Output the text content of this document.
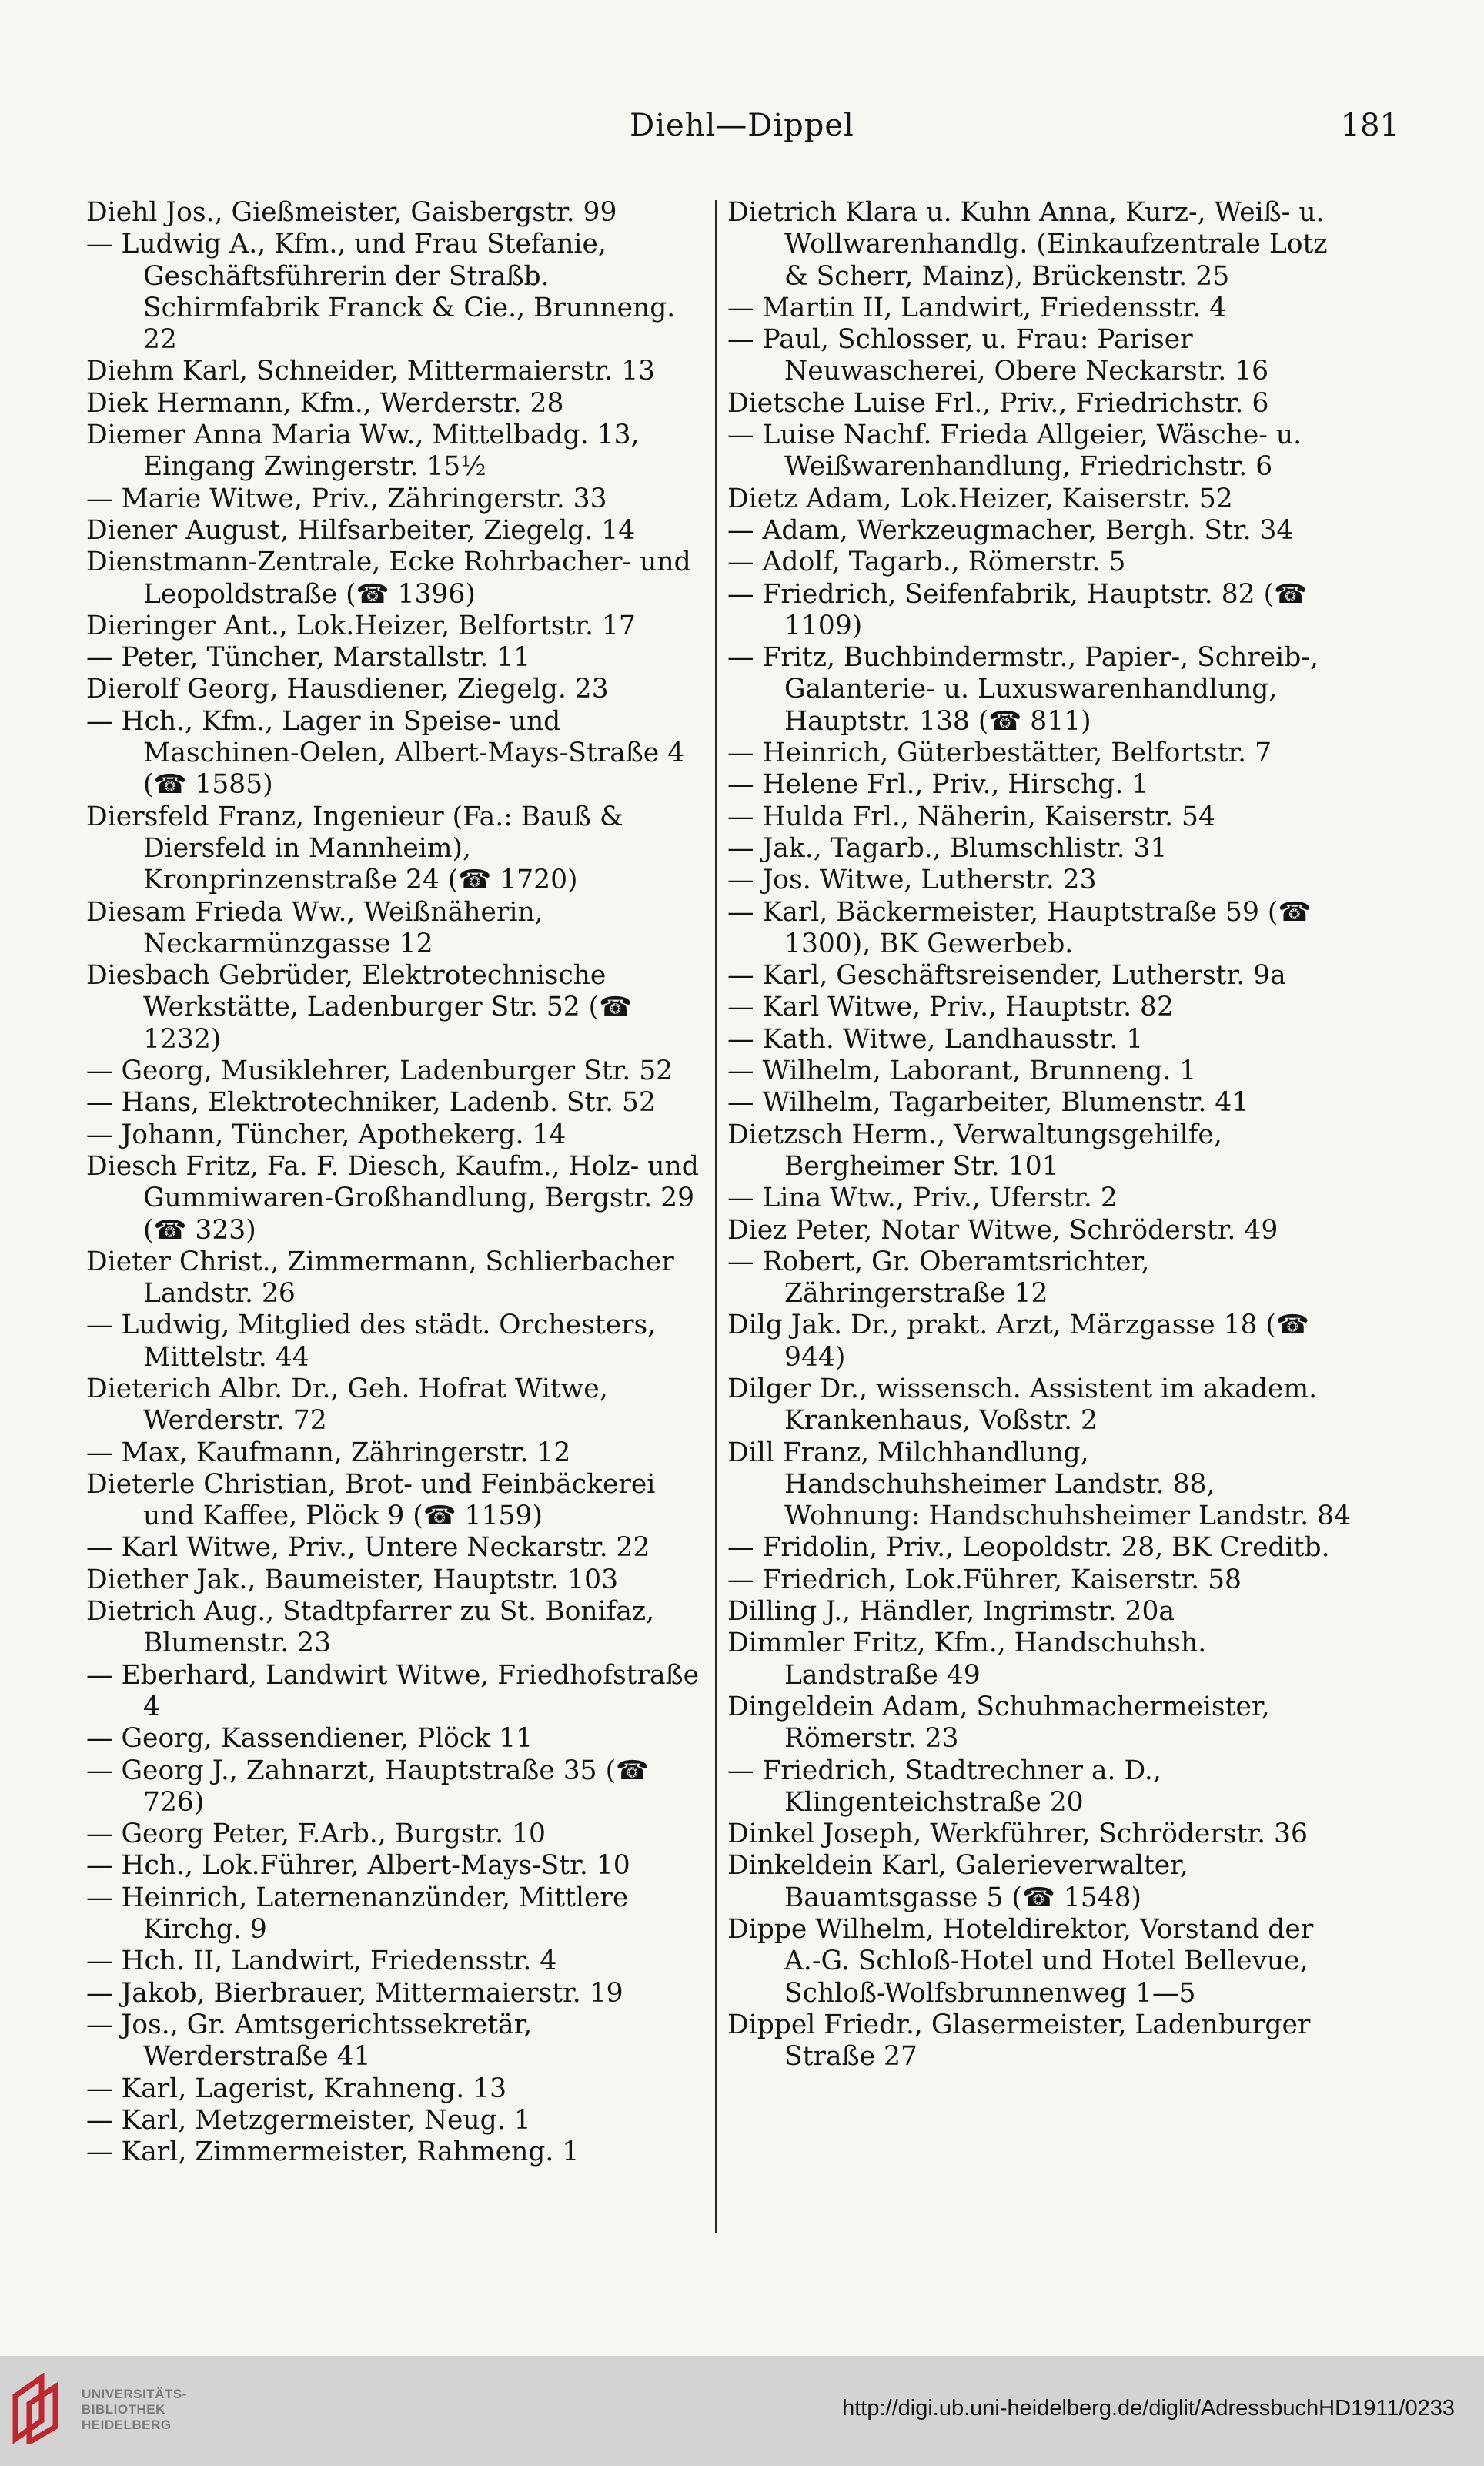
Diehl—Dippel	181

Diehl Jos., Gießmeister, Gaisbergstr. 99

— Ludwig A., Kfm., und Frau Stefanie, Geschäftsführerin der Straßb. Schirmfabrik Franck & Cie., Brunneng. 22

Diehm Karl, Schneider, Mittermaierstr. 13

Diek Hermann, Kfm., Werderstr. 28

Diemer Anna Maria Ww., Mittelbadg. 13, Eingang Zwingerstr. 15½

— Marie Witwe, Priv., Zähringerstr. 33

Diener August, Hilfsarbeiter, Ziegelg. 14

Dienstmann-Zentrale, Ecke Rohrbacher- und Leopoldstraße (☎ 1396)

Dieringer Ant., Lok.Heizer, Belfortstr. 17

— Peter, Tüncher, Marstallstr. 11

Dierolf Georg, Hausdiener, Ziegelg. 23

— Hch., Kfm., Lager in Speise- und Maschinen-Oelen, Albert-Mays-Straße 4 (☎ 1585)

Diersfeld Franz, Ingenieur (Fa.: Bauß & Diersfeld in Mannheim), Kronprinzenstraße 24 (☎ 1720)

Diesam Frieda Ww., Weißnäherin, Neckarmünzgasse 12

Diesbach Gebrüder, Elektrotechnische Werkstätte, Ladenburger Str. 52 (☎ 1232)

— Georg, Musiklehrer, Ladenburger Str. 52

— Hans, Elektrotechniker, Ladenb. Str. 52

— Johann, Tüncher, Apothekerg. 14

Diesch Fritz, Fa. F. Diesch, Kaufm., Holz- und Gummiwaren-Großhandlung, Bergstr. 29 (☎ 323)

Dieter Christ., Zimmermann, Schlierbacher Landstr. 26

— Ludwig, Mitglied des städt. Orchesters, Mittelstr. 44

Dieterich Albr. Dr., Geh. Hofrat Witwe, Werderstr. 72

— Max, Kaufmann, Zähringerstr. 12

Dieterle Christian, Brot- und Feinbäckerei und Kaffee, Plöck 9 (☎ 1159)

— Karl Witwe, Priv., Untere Neckarstr. 22

Diether Jak., Baumeister, Hauptstr. 103

Dietrich Aug., Stadtpfarrer zu St. Bonifaz, Blumenstr. 23

— Eberhard, Landwirt Witwe, Friedhofstraße 4

— Georg, Kassendiener, Plöck 11

— Georg J., Zahnarzt, Hauptstraße 35 (☎ 726)

— Georg Peter, F.Arb., Burgstr. 10

— Hch., Lok.Führer, Albert-Mays-Str. 10

— Heinrich, Laternenanzünder, Mittlere Kirchg. 9

— Hch. II, Landwirt, Friedensstr. 4

— Jakob, Bierbrauer, Mittermaierstr. 19

— Jos., Gr. Amtsgerichtssekretär, Werderstraße 41

— Karl, Lagerist, Krahneng. 13

— Karl, Metzgermeister, Neug. 1

— Karl, Zimmermeister, Rahmeng. 1

Dietrich Klara u. Kuhn Anna, Kurz-, Weiß- u. Wollwarenhandlg. (Einkaufzentrale Lotz & Scherr, Mainz), Brückenstr. 25

— Martin II, Landwirt, Friedensstr. 4

— Paul, Schlosser, u. Frau: Pariser Neuwascherei, Obere Neckarstr. 16

Dietsche Luise Frl., Priv., Friedrichstr. 6

— Luise Nachf. Frieda Allgeier, Wäsche- u. Weißwarenhandlung, Friedrichstr. 6

Dietz Adam, Lok.Heizer, Kaiserstr. 52

— Adam, Werkzeugmacher, Bergh. Str. 34

— Adolf, Tagarb., Römerstr. 5

— Friedrich, Seifenfabrik, Hauptstr. 82 (☎ 1109)

— Fritz, Buchbindermstr., Papier-, Schreib-, Galanterie- u. Luxuswarenhandlung, Hauptstr. 138 (☎ 811)

— Heinrich, Güterbestätter, Belfortstr. 7

— Helene Frl., Priv., Hirschg. 1

— Hulda Frl., Näherin, Kaiserstr. 54

— Jak., Tagarb., Blumschlistr. 31

— Jos. Witwe, Lutherstr. 23

— Karl, Bäckermeister, Hauptstraße 59 (☎ 1300), BK Gewerbeb.

— Karl, Geschäftsreisender, Lutherstr. 9a

— Karl Witwe, Priv., Hauptstr. 82

— Kath. Witwe, Landhausstr. 1

— Wilhelm, Laborant, Brunneng. 1

— Wilhelm, Tagarbeiter, Blumenstr. 41

Dietzsch Herm., Verwaltungsgehilfe, Bergheimer Str. 101

— Lina Wtw., Priv., Uferstr. 2

Diez Peter, Notar Witwe, Schröderstr. 49

— Robert, Gr. Oberamtsrichter, Zähringerstraße 12

Dilg Jak. Dr., prakt. Arzt, Märzgasse 18 (☎ 944)

Dilger Dr., wissensch. Assistent im akadem. Krankenhaus, Voßstr. 2

Dill Franz, Milchhandlung, Handschuhsheimer Landstr. 88, Wohnung: Handschuhsheimer Landstr. 84

— Fridolin, Priv., Leopoldstr. 28, BK Creditb.

— Friedrich, Lok.Führer, Kaiserstr. 58

Dilling J., Händler, Ingrimstr. 20a

Dimmler Fritz, Kfm., Handschuhsh. Landstraße 49

Dingeldein Adam, Schuhmachermeister, Römerstr. 23

— Friedrich, Stadtrechner a. D., Klingenteichstraße 20

Dinkel Joseph, Werkführer, Schröderstr. 36

Dinkeldein Karl, Galerieverwalter, Bauamtsgasse 5 (☎ 1548)

Dippe Wilhelm, Hoteldirektor, Vorstand der A.-G. Schloß-Hotel und Hotel Bellevue, Schloß-Wolfsbrunnenweg 1—5

Dippel Friedr., Glasermeister, Ladenburger Straße 27

UNIVERSITÄTS-
BIBLIOTHEK
HEIDELBERG
http://digi.ub.uni-heidelberg.de/diglit/AdressbuchHD1911/0233
